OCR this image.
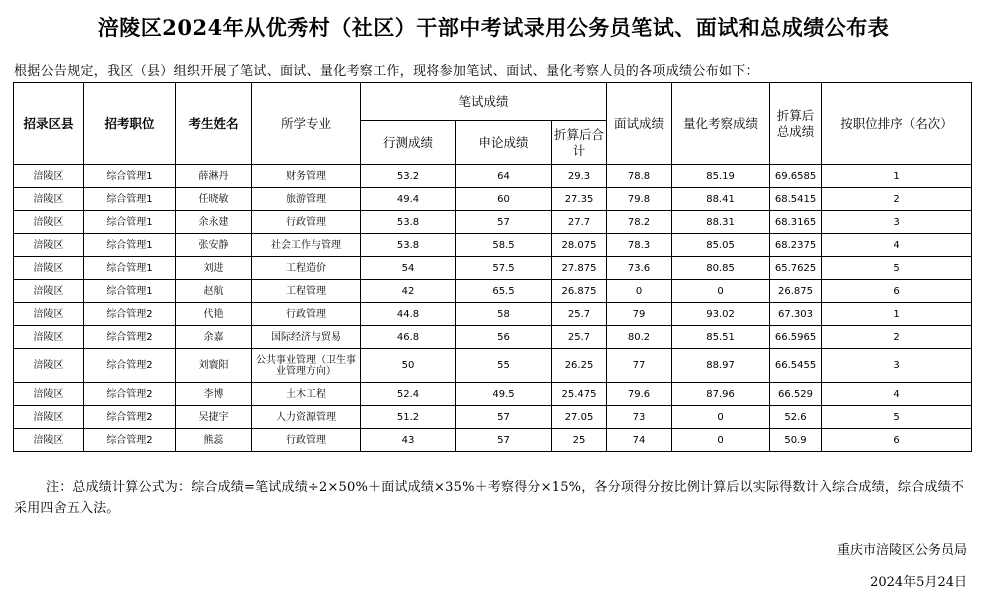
涪陵区2024年从优秀村（社区）干部中考试录用公务员笔试、面试和总成绩公布表
根据公告规定，我区（县）组织开展了笔试、面试、量化考察工作，现将参加笔试、面试、量化考察人员的各项成绩公布如下：
招录区县	招考职位	考生姓名	所学专业	笔试成绩			面试成绩	量化考察成绩	折算后总成绩	按职位排序（名次）
				行测成绩	申论成绩	折算后合计				
涪陵区	综合管理1	薛淋丹	财务管理	53.2	64	29.3	78.8	85.19	69.6585	1
涪陵区	综合管理1	任晓敏	旅游管理	49.4	60	27.35	79.8	88.41	68.5415	2
涪陵区	综合管理1	余永建	行政管理	53.8	57	27.7	78.2	88.31	68.3165	3
涪陵区	综合管理1	张安静	社会工作与管理	53.8	58.5	28.075	78.3	85.05	68.2375	4
涪陵区	综合管理1	刘进	工程造价	54	57.5	27.875	73.6	80.85	65.7625	5
涪陵区	综合管理1	赵航	工程管理	42	65.5	26.875	0	0	26.875	6
涪陵区	综合管理2	代艳	行政管理	44.8	58	25.7	79	93.02	67.303	1
涪陵区	综合管理2	余嘉	国际经济与贸易	46.8	56	25.7	80.2	85.51	66.5965	2
涪陵区	综合管理2	刘寰阳	公共事业管理（卫生事业管理方向）	50	55	26.25	77	88.97	66.5455	3
涪陵区	综合管理2	李博	土木工程	52.4	49.5	25.475	79.6	87.96	66.529	4
涪陵区	综合管理2	吴捷宇	人力资源管理	51.2	57	27.05	73	0	52.6	5
涪陵区	综合管理2	熊蕊	行政管理	43	57	25	74	0	50.9	6
注：总成绩计算公式为：综合成绩=笔试成绩÷2×50%＋面试成绩×35%＋考察得分×15%，各分项得分按比例计算后以实际得数计入综合成绩，综合成绩不采用四舍五入法。
重庆市涪陵区公务员局
2024年5月24日
